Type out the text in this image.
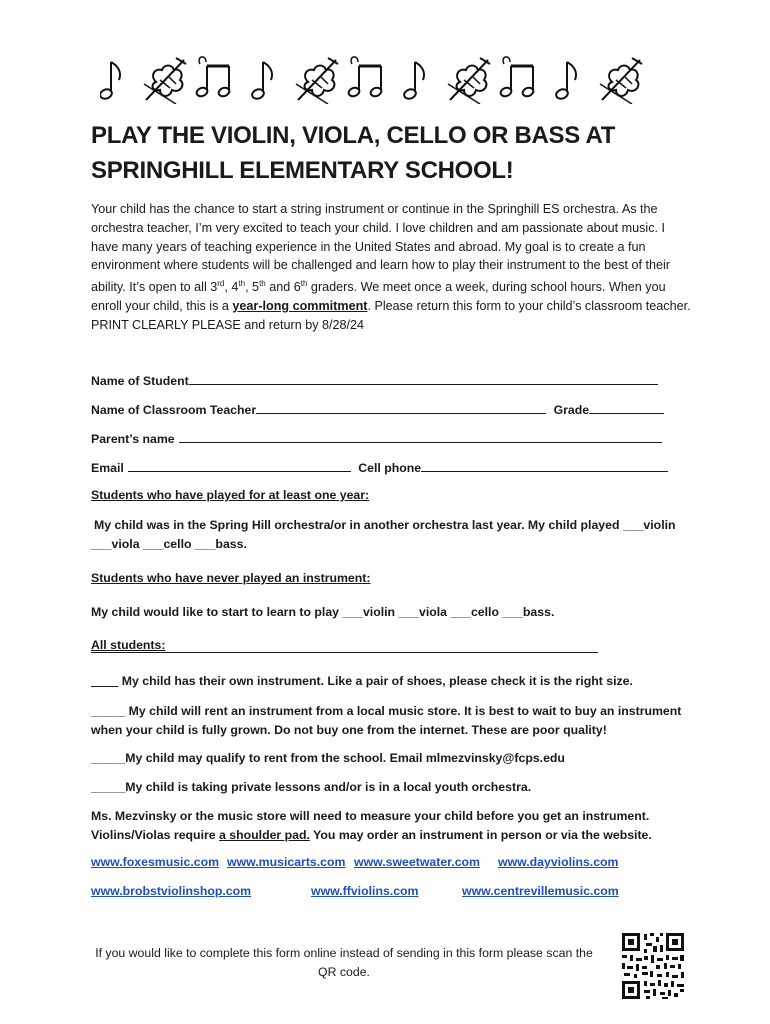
PLAY THE VIOLIN, VIOLA, CELLO OR BASS AT
SPRINGHILL ELEMENTARY SCHOOL!

Your child has the chance to start a string instrument or continue in the Springhill ES orchestra. As the orchestra teacher, I’m very excited to teach your child. I love children and am passionate about music. I have many years of teaching experience in the United States and abroad. My goal is to create a fun environment where students will be challenged and learn how to play their instrument to the best of their ability. It’s open to all 3rd, 4th, 5th and 6th graders. We meet once a week, during school hours. When you enroll your child, this is a year-long commitment. Please return this form to your child’s classroom teacher. PRINT CLEARLY PLEASE and return by 8/28/24

Name of Student
Name of Classroom Teacher	Grade
Parent’s name
Email	Cell phone
Students who have played for at least one year:

My child was in the Spring Hill orchestra/or in another orchestra last year. My child played ___violin ___viola ___cello ___bass.

Students who have never played an instrument:

My child would like to start to learn to play ___violin ___viola ___cello ___bass.

All students:

____ My child has their own instrument. Like a pair of shoes, please check it is the right size.

_____ My child will rent an instrument from a local music store. It is best to wait to buy an instrument when your child is fully grown. Do not buy one from the internet. These are poor quality!

_____My child may qualify to rent from the school. Email mlmezvinsky@fcps.edu

_____My child is taking private lessons and/or is in a local youth orchestra.

Ms. Mezvinsky or the music store will need to measure your child before you get an instrument. Violins/Violas require a shoulder pad. You may order an instrument in person or via the website.

www.foxesmusic.com www.musicarts.com www.sweetwater.com www.dayviolins.com
www.brobstviolinshop.com	www.ffviolins.com	www.centrevillemusic.com

If you would like to complete this form online instead of sending in this form please scan the QR code.
